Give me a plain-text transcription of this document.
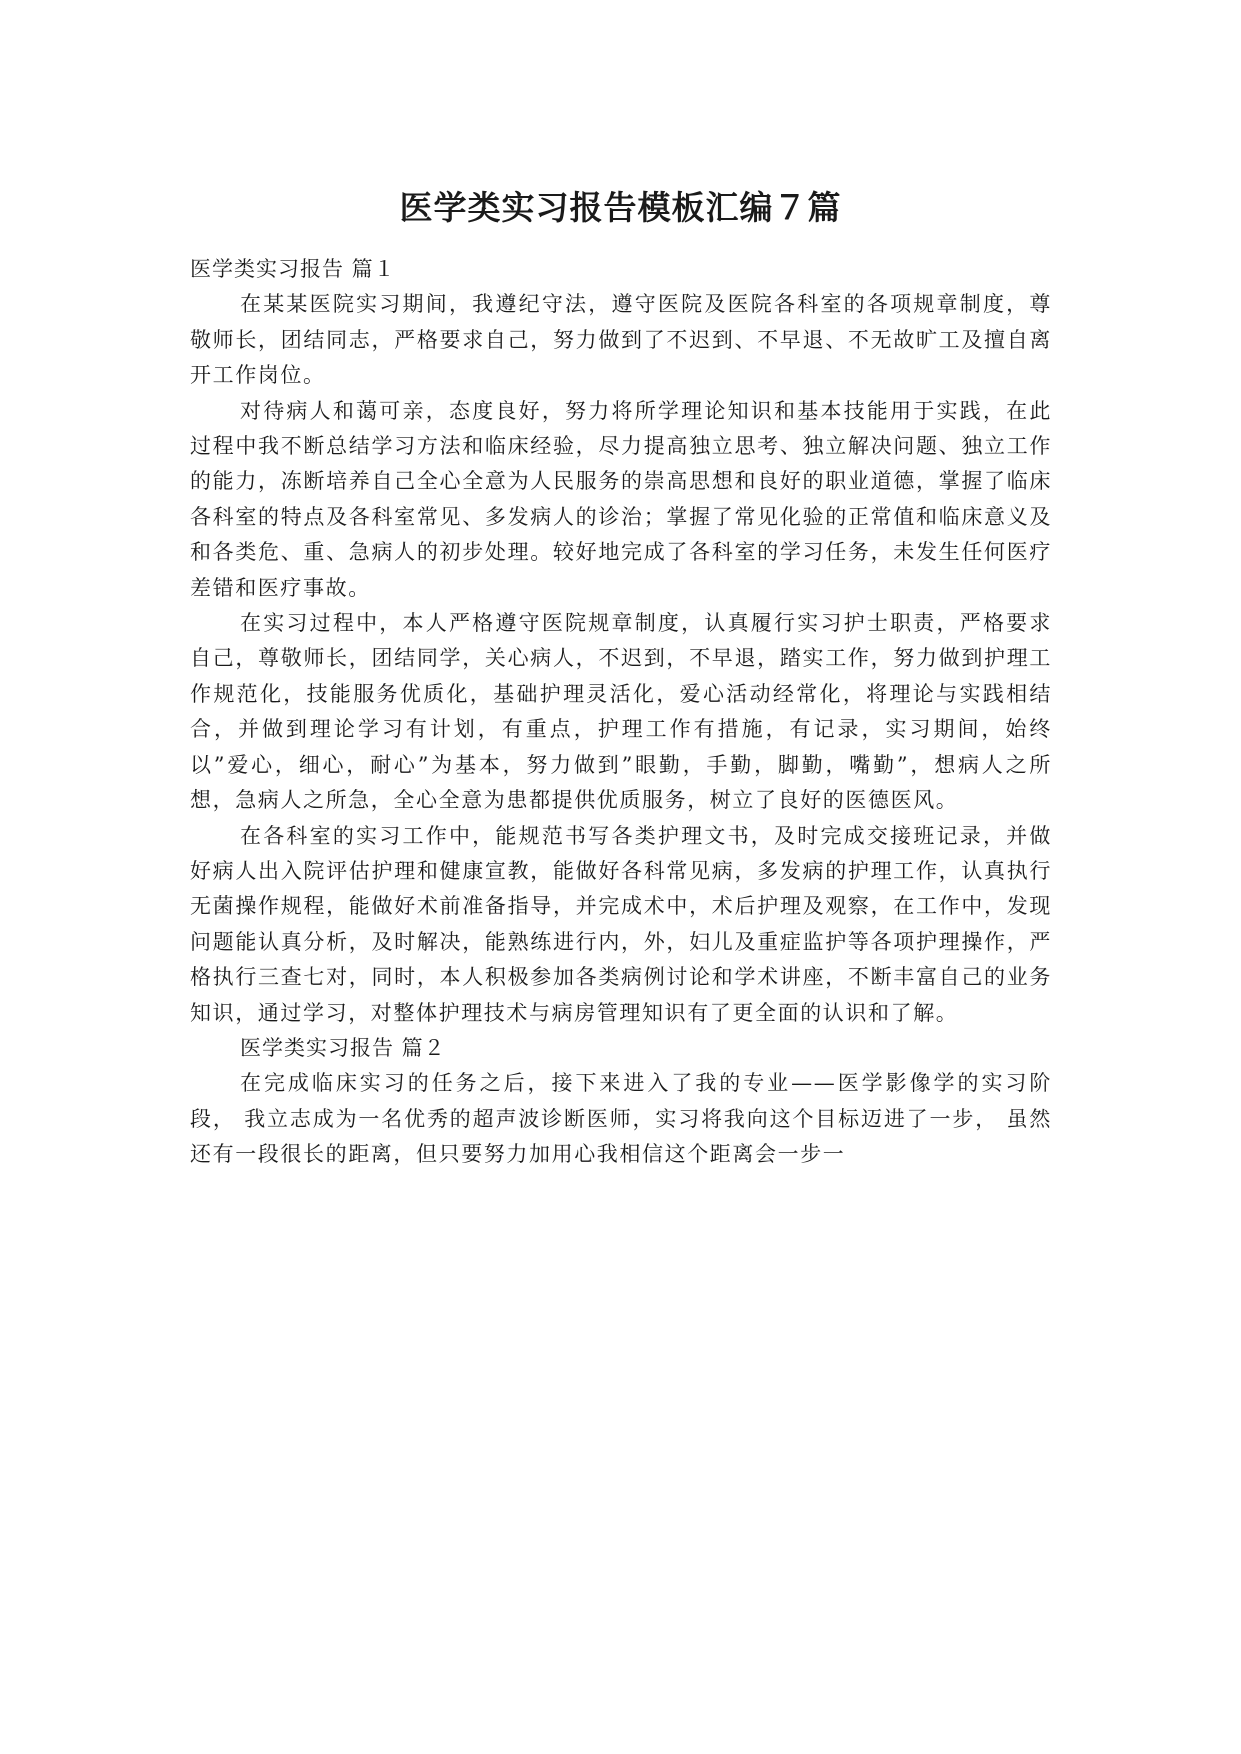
医学类实习报告模板汇编７篇
医学类实习报告 篇１

在某某医院实习期间，我遵纪守法，遵守医院及医院各科室的各项规章制度，尊敬师长，团结同志，严格要求自己，努力做到了不迟到、不早退、不无故旷工及擅自离开工作岗位。

对待病人和蔼可亲，态度良好，努力将所学理论知识和基本技能用于实践，在此过程中我不断总结学习方法和临床经验，尽力提高独立思考、独立解决问题、独立工作的能力，冻断培养自己全心全意为人民服务的崇高思想和良好的职业道德，掌握了临床各科室的特点及各科室常见、多发病人的诊治；掌握了常见化验的正常值和临床意义及和各类危、重、急病人的初步处理。较好地完成了各科室的学习任务，未发生任何医疗差错和医疗事故。

在实习过程中，本人严格遵守医院规章制度，认真履行实习护士职责，严格要求自己，尊敬师长，团结同学，关心病人，不迟到，不早退，踏实工作，努力做到护理工作规范化，技能服务优质化，基础护理灵活化，爱心活动经常化，将理论与实践相结合，并做到理论学习有计划，有重点，护理工作有措施，有记录，实习期间，始终以”爱心，细心，耐心”为基本，努力做到”眼勤，手勤，脚勤，嘴勤”，想病人之所想，急病人之所急，全心全意为患都提供优质服务，树立了良好的医德医风。

在各科室的实习工作中，能规范书写各类护理文书，及时完成交接班记录，并做好病人出入院评估护理和健康宣教，能做好各科常见病，多发病的护理工作，认真执行无菌操作规程，能做好术前准备指导，并完成术中，术后护理及观察，在工作中，发现问题能认真分析，及时解决，能熟练进行内，外，妇儿及重症监护等各项护理操作，严格执行三查七对，同时，本人积极参加各类病例讨论和学术讲座，不断丰富自己的业务知识，通过学习，对整体护理技术与病房管理知识有了更全面的认识和了解。

医学类实习报告 篇２

在完成临床实习的任务之后，接下来进入了我的专业——医学影像学的实习阶段， 我立志成为一名优秀的超声波诊断医师，实习将我向这个目标迈进了一步， 虽然还有一段很长的距离，但只要努力加用心我相信这个距离会一步一
